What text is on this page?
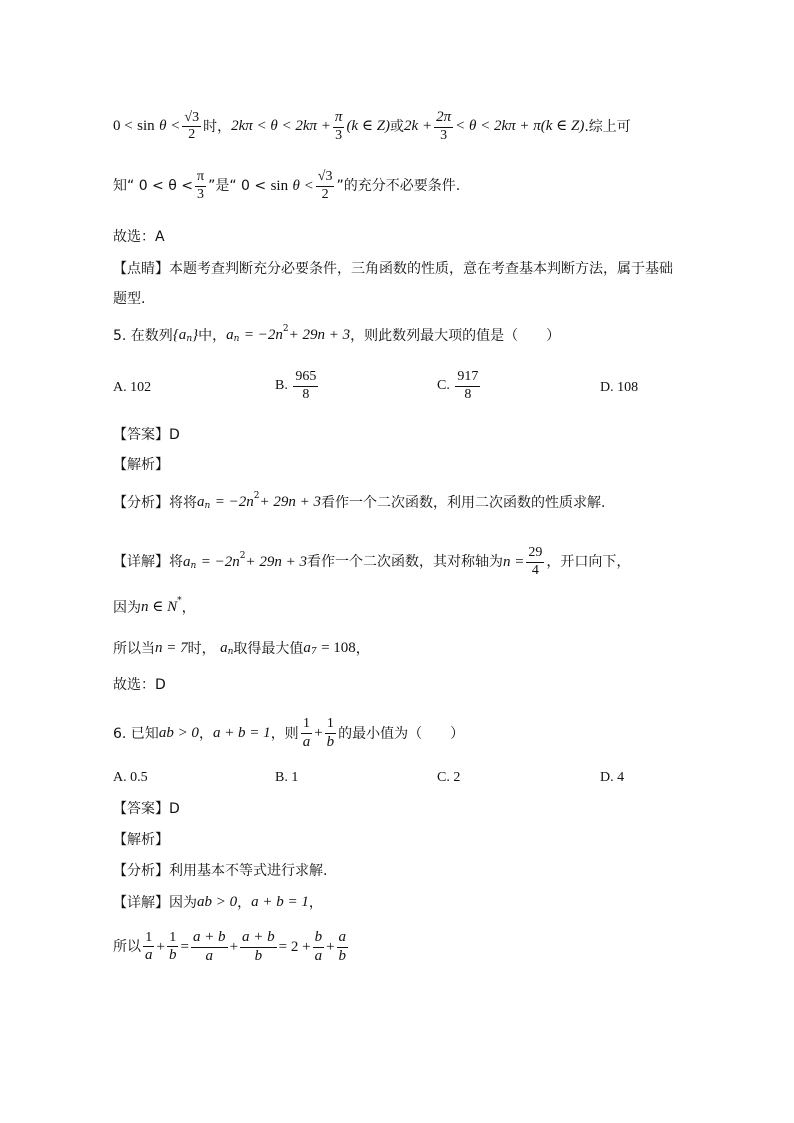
0 <
sin
$\theta < \frac{√3}{2}$ 时， $2k\pi < \theta < 2k\pi + \frac{\pi}{3} (k$ ∈ Z) 或 $2k + \frac{2\pi}{3} < \theta < 2k\pi + \pi$ (k ∈ Z) .综上可
知“ $0 < \theta < \frac{\pi}{3}$ ”是“ 0 <
sin
$\theta < \frac{√3}{2}$ ”的充分不必要条件.
故选：A
【点睛】本题考查判断充分必要条件，三角函数的性质，意在考查基本判断方法，属于基础
题型.
5. 在数列 {a n } 中， a n
= −2n 2 + 29n + 3 ，则此数列最大项的值是（　　）
A. 102	B.
$\frac{965}{8}$	C.
$\frac{917}{8}$	D. 108
【答案】D
【解析】
【分析】将将 a n
= −2n 2 + 29n + 3 看作一个二次函数，利用二次函数的性质求解.
【详解】将 a n
= −2n 2 + 29n + 3 看作一个二次函数，其对称轴为 $n = \frac{29}{4}$ ，开口向下，
因为 n ∈ N * ，
所以当 n = 7 时，
a n 取得最大值 a 7
= 108 ，
故选：D
6. 已知 ab > 0 ， a + b = 1 ，则 $\frac{1}{a} + \frac{1}{b}$ 的最小值为（　　）
A. 0.5	B. 1	C. 2	D. 4
【答案】D
【解析】
【分析】利用基本不等式进行求解.
【详解】因为 ab > 0 ， a + b = 1 ，
所以 $\frac{1}{a} + \frac{1}{b} = \frac{a + b}{a} + \frac{a + b}{b} = 2 + \frac{b}{a} + \frac{a}{b}$
